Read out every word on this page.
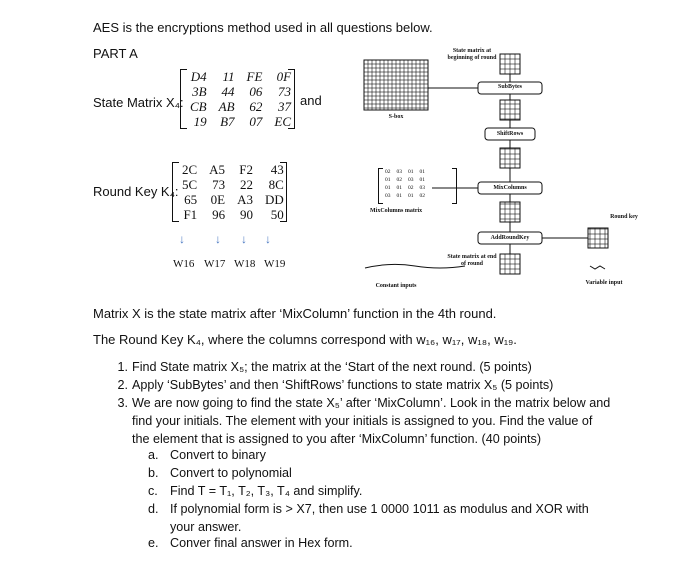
AES is the encryptions method used in all questions below.
PART A
State Matrix X₄:
D4	11	FE	0F
3B	44	06	73
CB	AB	62	37
19	B7	07	EC
and
Round Key K₄:
2C	A5	F2	43
5C	73	22	8C
65	0E	A3	DD
F1	96	90	50
↓	↓ ↓ ↓
W16 W17 W18 W19
State matrix at beginning of round
SubBytes
S-box
ShiftRows
MixColumns
AddRoundKey
Round key
State matrix at end of round
Constant inputs	Variable input
02	03	01	01
01	02	03	01
01	01	02	03
03	01	01	02
MixColumns matrix
Matrix X is the state matrix after ‘MixColumn’ function in the 4th round.
The Round Key K₄, where the columns correspond with w₁₆, w₁₇, w₁₈, w₁₉.
1. Find State matrix X₅; the matrix at the ‘Start of the next round. (5 points)
2. Apply ‘SubBytes’ and then ‘ShiftRows’ functions to state matrix X₅ (5 points)
3. We are now going to find the state X₅’ after ‘MixColumn’. Look in the matrix below and find your initials. The element with your initials is assigned to you. Find the value of the element that is assigned to you after ‘MixColumn’ function. (40 points)
a. Convert to binary
b. Convert to polynomial
c. Find T = T₁, T₂, T₃, T₄ and simplify.
d. If polynomial form is > X7, then use 1 0000 1011 as modulus and XOR with your answer.
e. Conver final answer in Hex form.
